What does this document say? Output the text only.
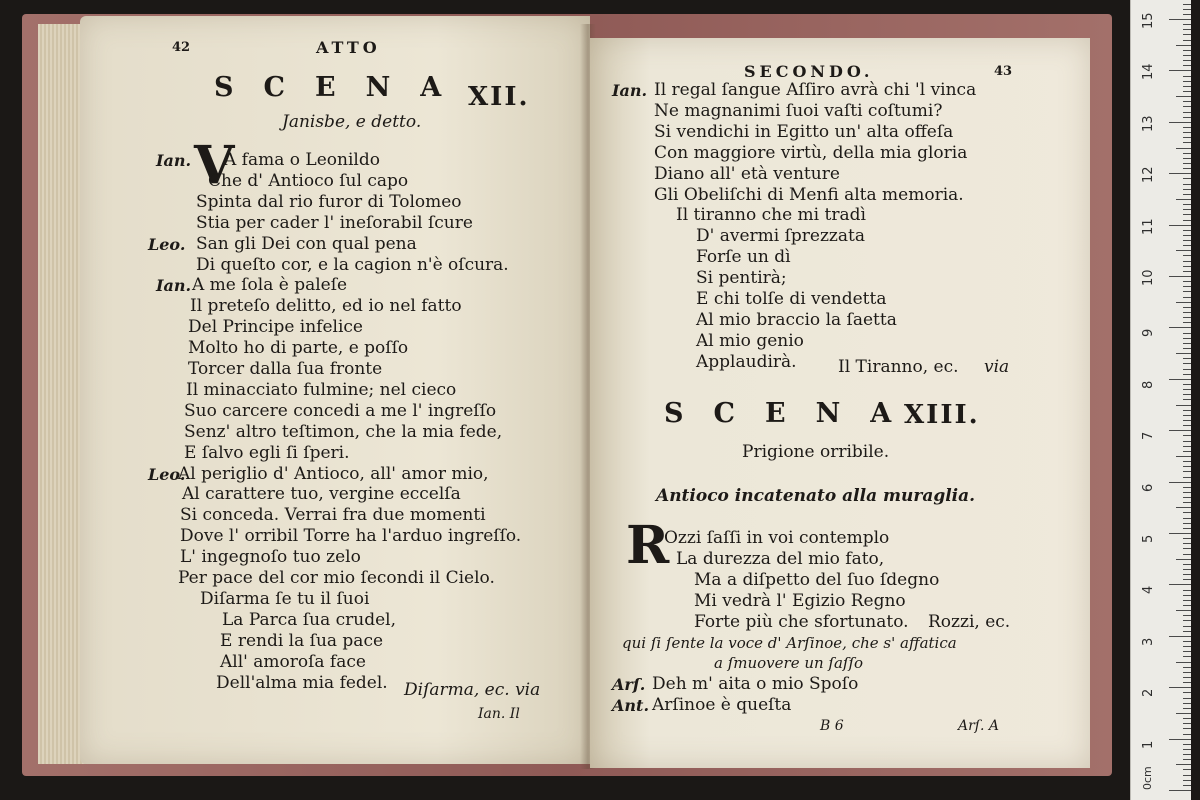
42	ATTO
SCENA
XII.
Janisbe, e detto.
V
Ian. A fama o Leonildo
Che d' Antioco ſul capo
Spinta dal rio furor di Tolomeo
Stia per cader l' ineſorabil ſcure
Leo. San gli Dei con qual pena
Di queſto cor, e la cagion n'è oſcura.
Ian. A me ſola è paleſe
Il preteſo delitto, ed io nel fatto
Del Principe infelice
Molto ho di parte, e poſſo
Torcer dalla ſua fronte
Il minacciato fulmine; nel cieco
Suo carcere concedi a me l' ingreſſo
Senz' altro teſtimon, che la mia fede,
E ſalvo egli ſi ſperi.
Leo.
Al periglio d' Antioco, all' amor mio,
Al carattere tuo, vergine eccelſa
Si conceda. Verrai fra due momenti
Dove l' orribil Torre ha l'arduo ingreſſo.
L' ingegnoſo tuo zelo
Per pace del cor mio ſecondi il Cielo.
Diſarma ſe tu il ſuoi
La Parca ſua crudel,
E rendi la ſua pace
All' amoroſa face
Dell'alma mia fedel. Diſarma, ec. via
Ian. Il
SECONDO.	43
Ian. Il regal ſangue Aſſiro avrà chi 'l vinca
Ne magnanimi ſuoi vaſti coſtumi?
Si vendichi in Egitto un' alta offeſa
Con maggiore virtù, della mia gloria
Diano all' età venture
Gli Obeliſchi di Menfi alta memoria.
Il tiranno che mi tradì
D' avermi ſprezzata
Forſe un dì
Si pentirà;
E chi tolſe di vendetta
Al mio braccio la ſaetta
Al mio genio
Applaudirà. Il Tiranno, ec. via
SCENA
XIII.
Prigione orribile.
Antioco incatenato alla muraglia.
R
Ozzi ſaſſi in voi contemplo
La durezza del mio fato,
Ma a diſpetto del ſuo ſdegno
Mi vedrà l' Egizio Regno
Forte più che sfortunato. Rozzi, ec.
qui ſi ſente la voce d' Arſinoe, che s' affatica
a ſmuovere un ſaſſo
Arſ. Deh m' aita o mio Spoſo
Ant. Arſinoe è queſta
B 6	Arſ. A
15
14
13
12
11
10
9
8
7
6
5
4
3
2
1
0cm
